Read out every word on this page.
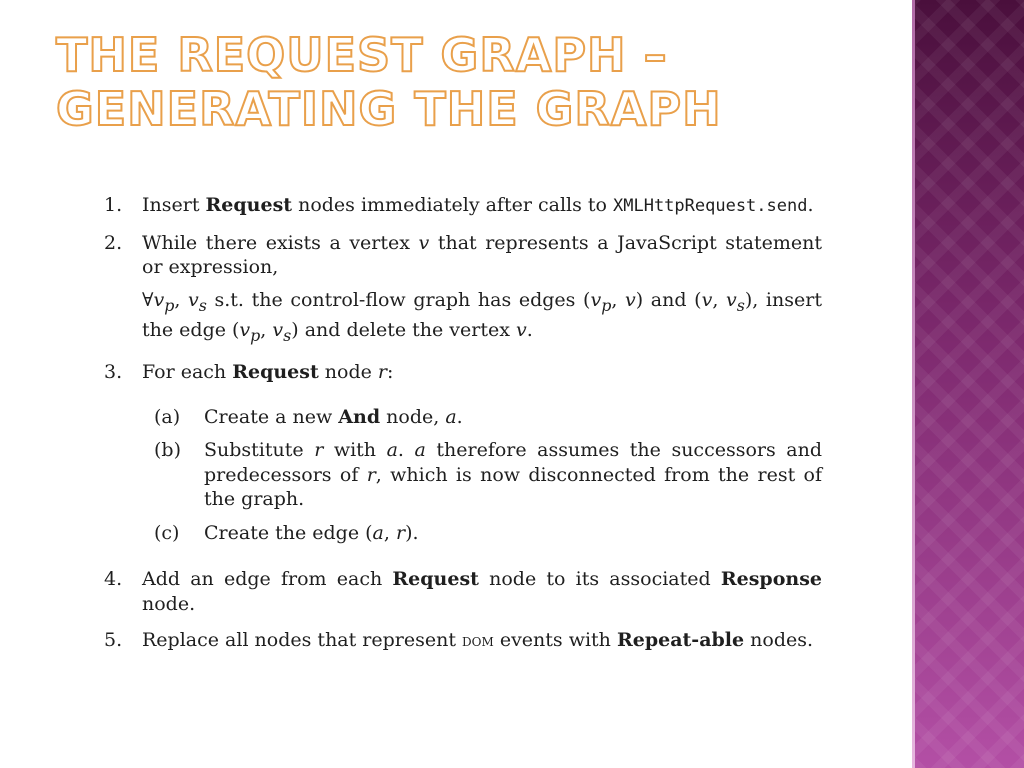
THE REQUEST GRAPH –
GENERATING THE GRAPH
1.	Insert Request nodes immediately after calls to XMLHttpRequest.send.
2.	While there exists a vertex v that represents a JavaScript statement or expression,
$\forall v_p$, $v_s$ s.t. the control-flow graph has edges ($v_p$, v) and (v, $v_s$), insert the edge ($v_p$, $v_s$) and delete the vertex v.
3.	For each Request node r:
(a) Create a new And node, a.
(b) Substitute r with a. a therefore assumes the successors and predecessors of r, which is now disconnected from the rest of the graph.
(c) Create the edge (a, r).
4.	Add an edge from each Request node to its associated Response node.
5.	Replace all nodes that represent dom events with Repeat-able nodes.
